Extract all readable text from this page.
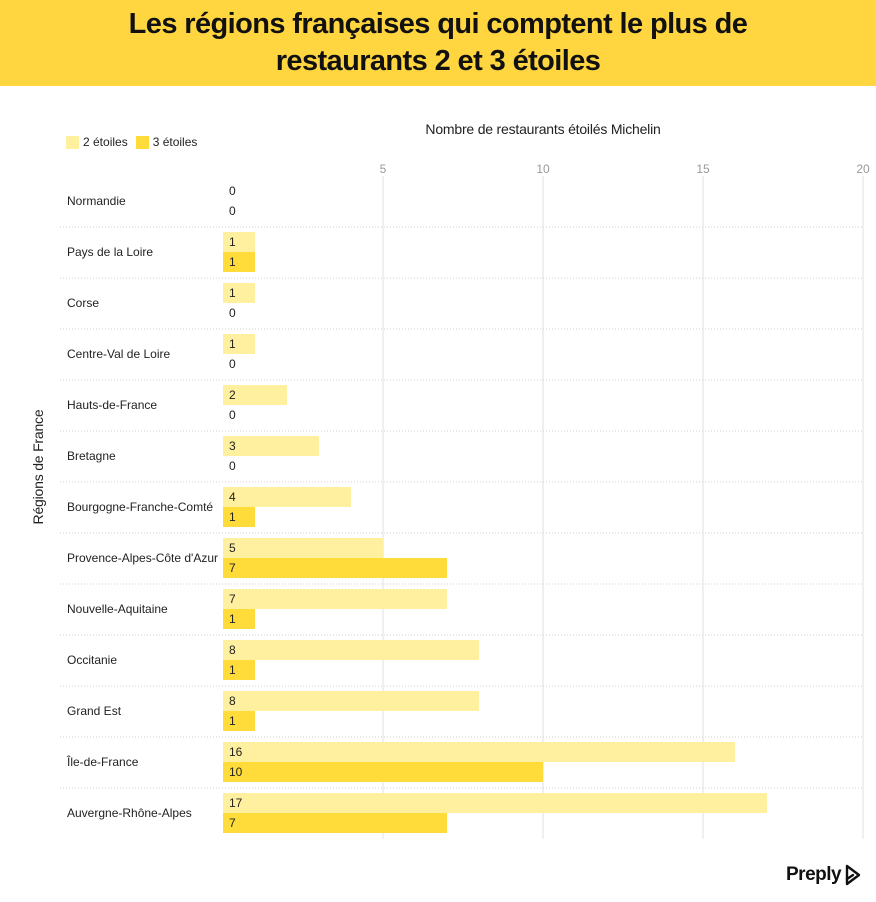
Les régions françaises qui comptent le plus de
restaurants 2 et 3 étoiles
2 étoiles 3 étoiles
Nombre de restaurants étoilés Michelin
Régions de France
5	10	15	20
Normandie
0
0
Pays de la Loire
1
1
Corse
1
0
Centre-Val de Loire
1
0
Hauts-de-France
2
0
Bretagne
3
0
Bourgogne-Franche-Comté
4
1
Provence-Alpes-Côte d'Azur
5
7
Nouvelle-Aquitaine
7
1
Occitanie
8
1
Grand Est
8
1
Île-de-France
16
10
Auvergne-Rhône-Alpes
17
7
Preply
